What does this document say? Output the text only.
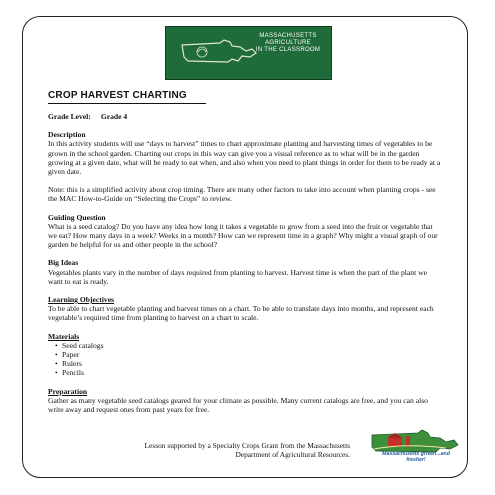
MASSACHUSETTS
AGRICULTURE
IN THE CLASSROOM
CROP HARVEST CHARTING
Grade Level: Grade 4
Description

In this activity students will use “days to harvest” times to chart approximate planting and harvesting times of vegetables to be grown in the school garden. Charting out crops in this way can give you a visual reference as to what will be in the garden growing at a given date, what will be ready to eat when, and also when you need to plant things in order for them to be ready at a given date.

Note: this is a simplified activity about crop timing. There are many other factors to take into account when planting crops - see the MAC How-to-Guide on “Selecting the Crops” to review.

Guiding Question

What is a seed catalog? Do you have any idea how long it takes a vegetable to grow from a seed into the fruit or vegetable that we eat? How many days in a week? Weeks in a month? How can we represent time in a graph? Why might a visual graph of our garden be helpful for us and other people in the school?

Big Ideas

Vegetables plants vary in the number of days required from planting to harvest. Harvest time is when the part of the plant we want to eat is ready.

Learning Objectives

To be able to chart vegetable planting and harvest times on a chart. To be able to translate days into months, and represent each vegetable’s required time from planting to harvest on a chart to scale.

Materials
• Seed catalogs
• Paper
• Rulers
• Pencils
Preparation

Gather as many vegetable seed catalogs geared for your climate as possible. Many current catalogs are free, and you can also write away and request ones from past years for free.

Lesson supported by a Specialty Crops Grant from the Massachusetts
Department of Agricultural Resources.	Massachusetts grown...and fresher!
